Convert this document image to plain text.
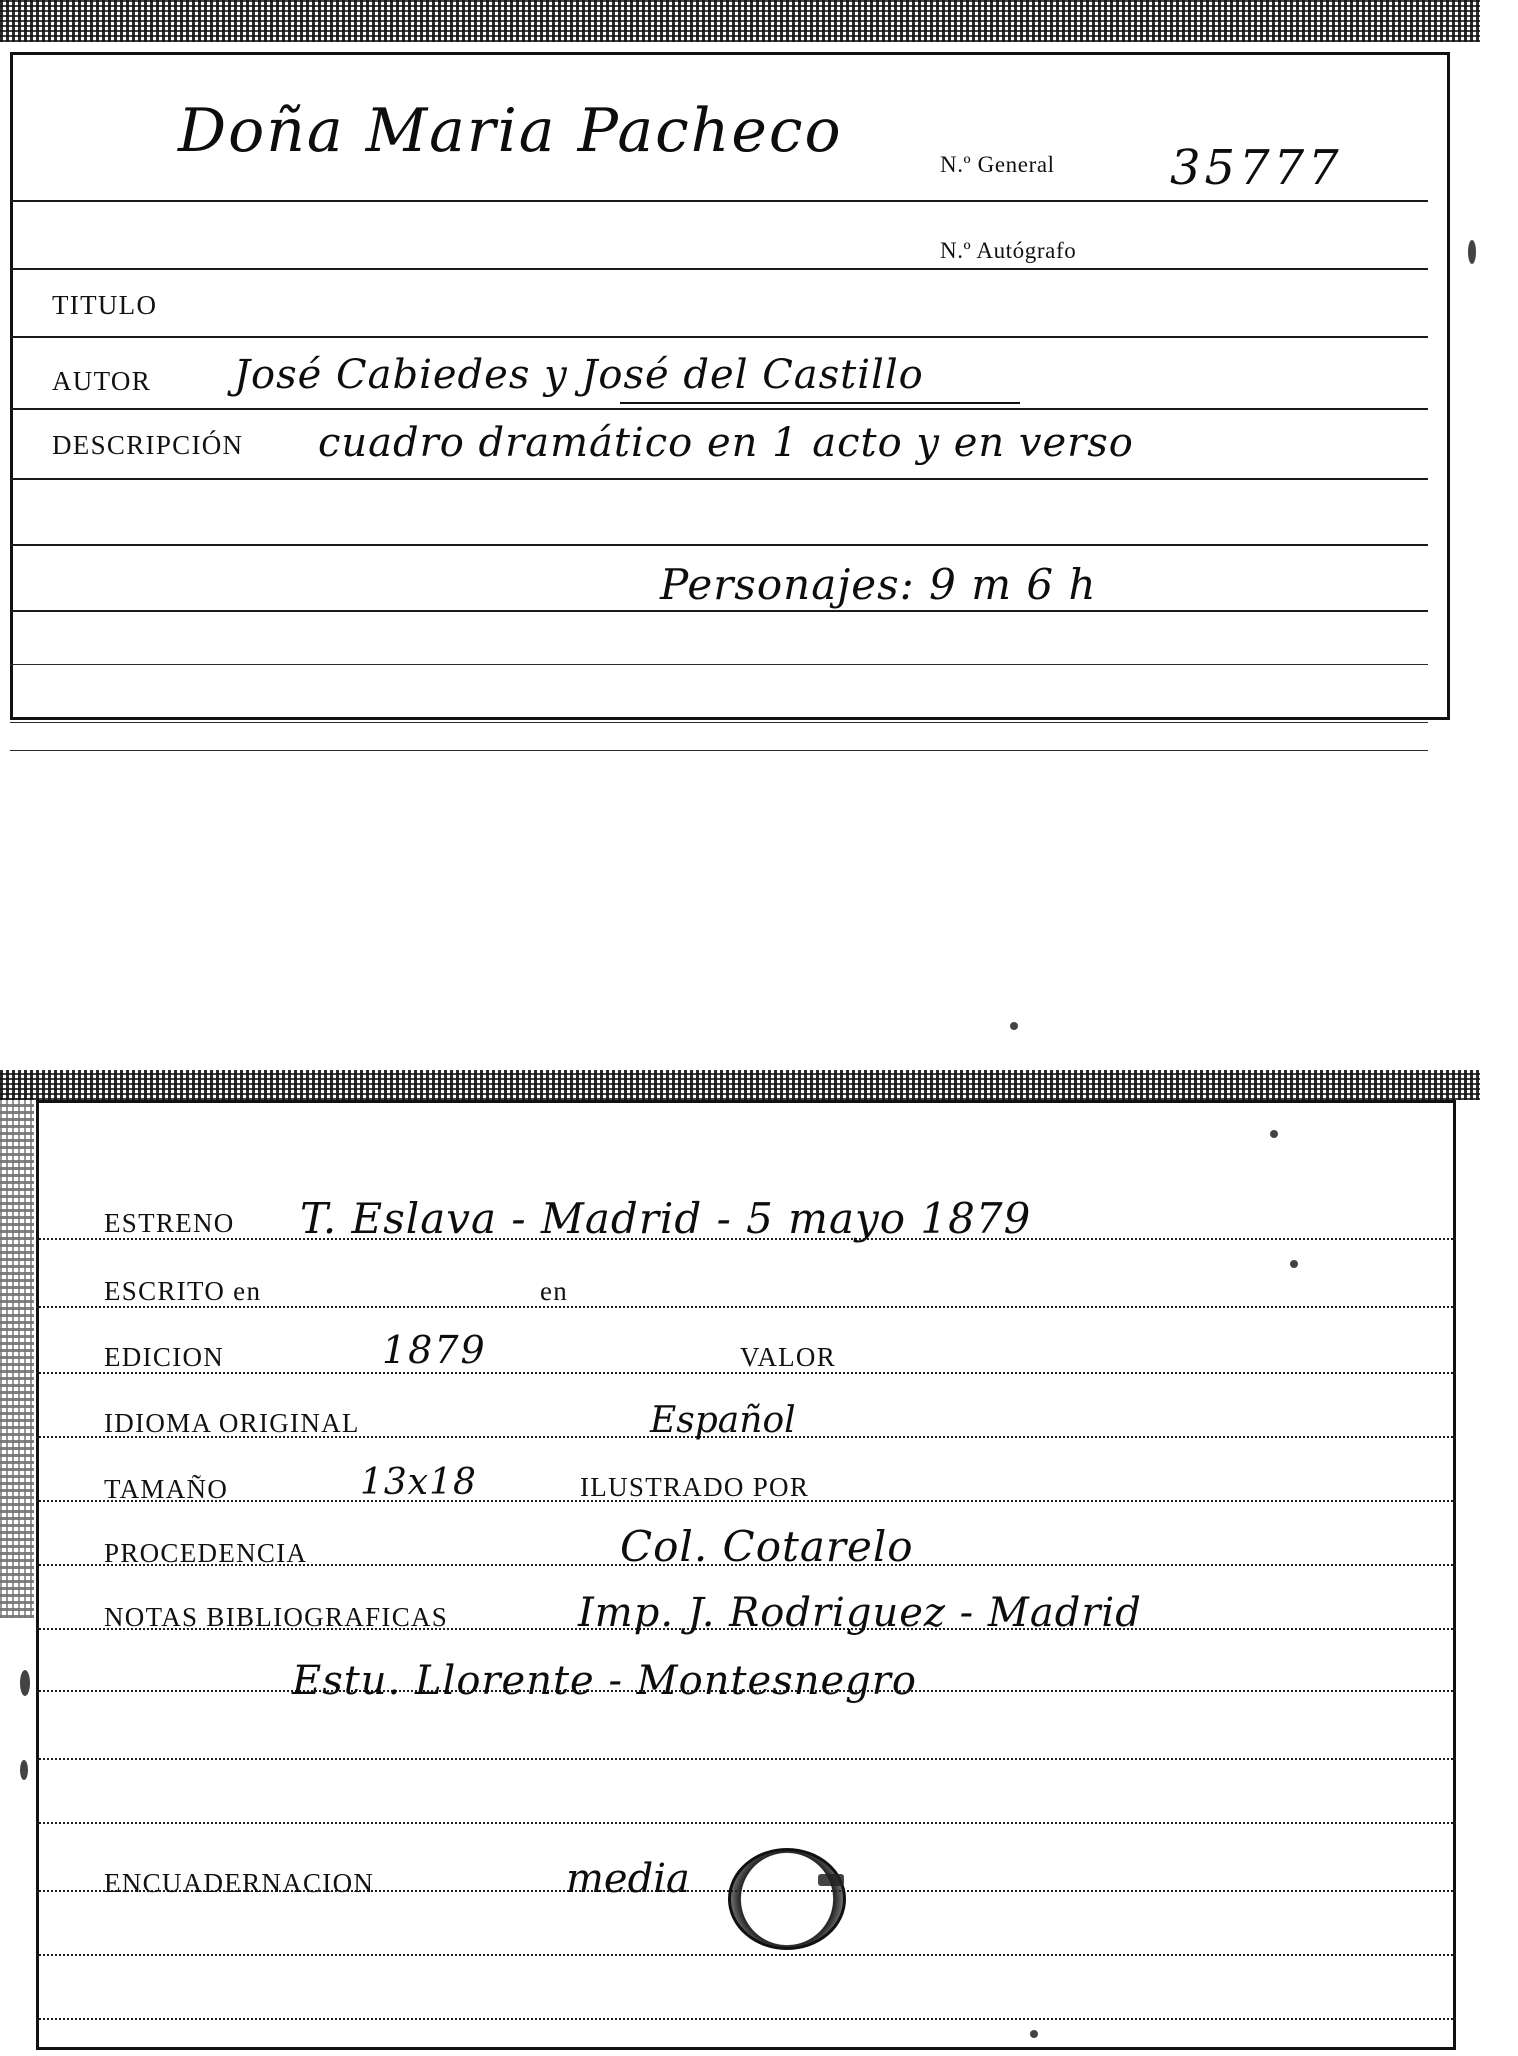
Doña Maria Pacheco	N.º General 35777
N.º Autógrafo
TITULO
AUTOR José Cabiedes y José del Castillo
DESCRIPCIÓN cuadro dramático en 1 acto y en verso
Personajes: 9 m 6 h
ESTRENO T. Eslava - Madrid - 5 mayo 1879
ESCRITO en	en
EDICION	1879	VALOR
IDIOMA ORIGINAL	Español
TAMAÑO	13x18	ILUSTRADO POR
PROCEDENCIA	Col. Cotarelo
NOTAS BIBLIOGRAFICAS	Imp. J. Rodriguez - Madrid
Estu. Llorente - Montesnegro
ENCUADERNACION	media
